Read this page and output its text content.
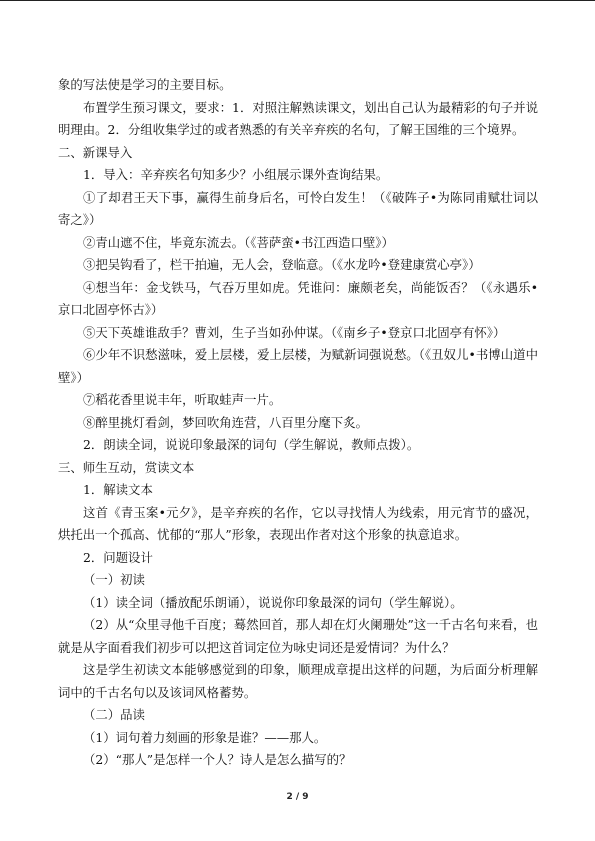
象的写法使是学习的主要目标。

布置学生预习课文，要求：1．对照注解熟读课文，划出自己认为最精彩的句子并说明理由。2．分组收集学过的或者熟悉的有关辛弃疾的名句，了解王国维的三个境界。

二、新课导入

1．导入：辛弃疾名句知多少？小组展示课外查询结果。

①了却君王天下事，赢得生前身后名，可怜白发生！（《破阵子•为陈同甫赋壮词以寄之》）

②青山遮不住，毕竟东流去。（《菩萨蛮•书江西造口壁》）

③把吴钩看了，栏干拍遍，无人会，登临意。（《水龙吟•登建康赏心亭》）

④想当年：金戈铁马，气吞万里如虎。凭谁问：廉颇老矣，尚能饭否？（《永遇乐•京口北固亭怀古》）

⑤天下英雄谁敌手？曹刘，生子当如孙仲谋。（《南乡子•登京口北固亭有怀》）

⑥少年不识愁滋味，爱上层楼，爱上层楼，为赋新词强说愁。（《丑奴儿•书博山道中壁》）

⑦稻花香里说丰年，听取蛙声一片。

⑧醉里挑灯看剑，梦回吹角连营，八百里分麾下炙。

2．朗读全词，说说印象最深的词句（学生解说，教师点拨）。

三、师生互动，赏读文本

1．解读文本

这首《青玉案•元夕》，是辛弃疾的名作，它以寻找情人为线索，用元宵节的盛况，烘托出一个孤高、忧郁的“那人”形象，表现出作者对这个形象的执意追求。

2．问题设计

（一）初读

（1）读全词（播放配乐朗诵），说说你印象最深的词句（学生解说）。

（2）从“众里寻他千百度；蓦然回首，那人却在灯火阑珊处”这一千古名句来看，也就是从字面看我们初步可以把这首词定位为咏史词还是爱情词？为什么？

这是学生初读文本能够感觉到的印象，顺理成章提出这样的问题，为后面分析理解词中的千古名句以及该词风格蓄势。

（二）品读

（1）词句着力刻画的形象是谁？——那人。

（2）“那人”是怎样一个人？诗人是怎么描写的？

2 / 9
